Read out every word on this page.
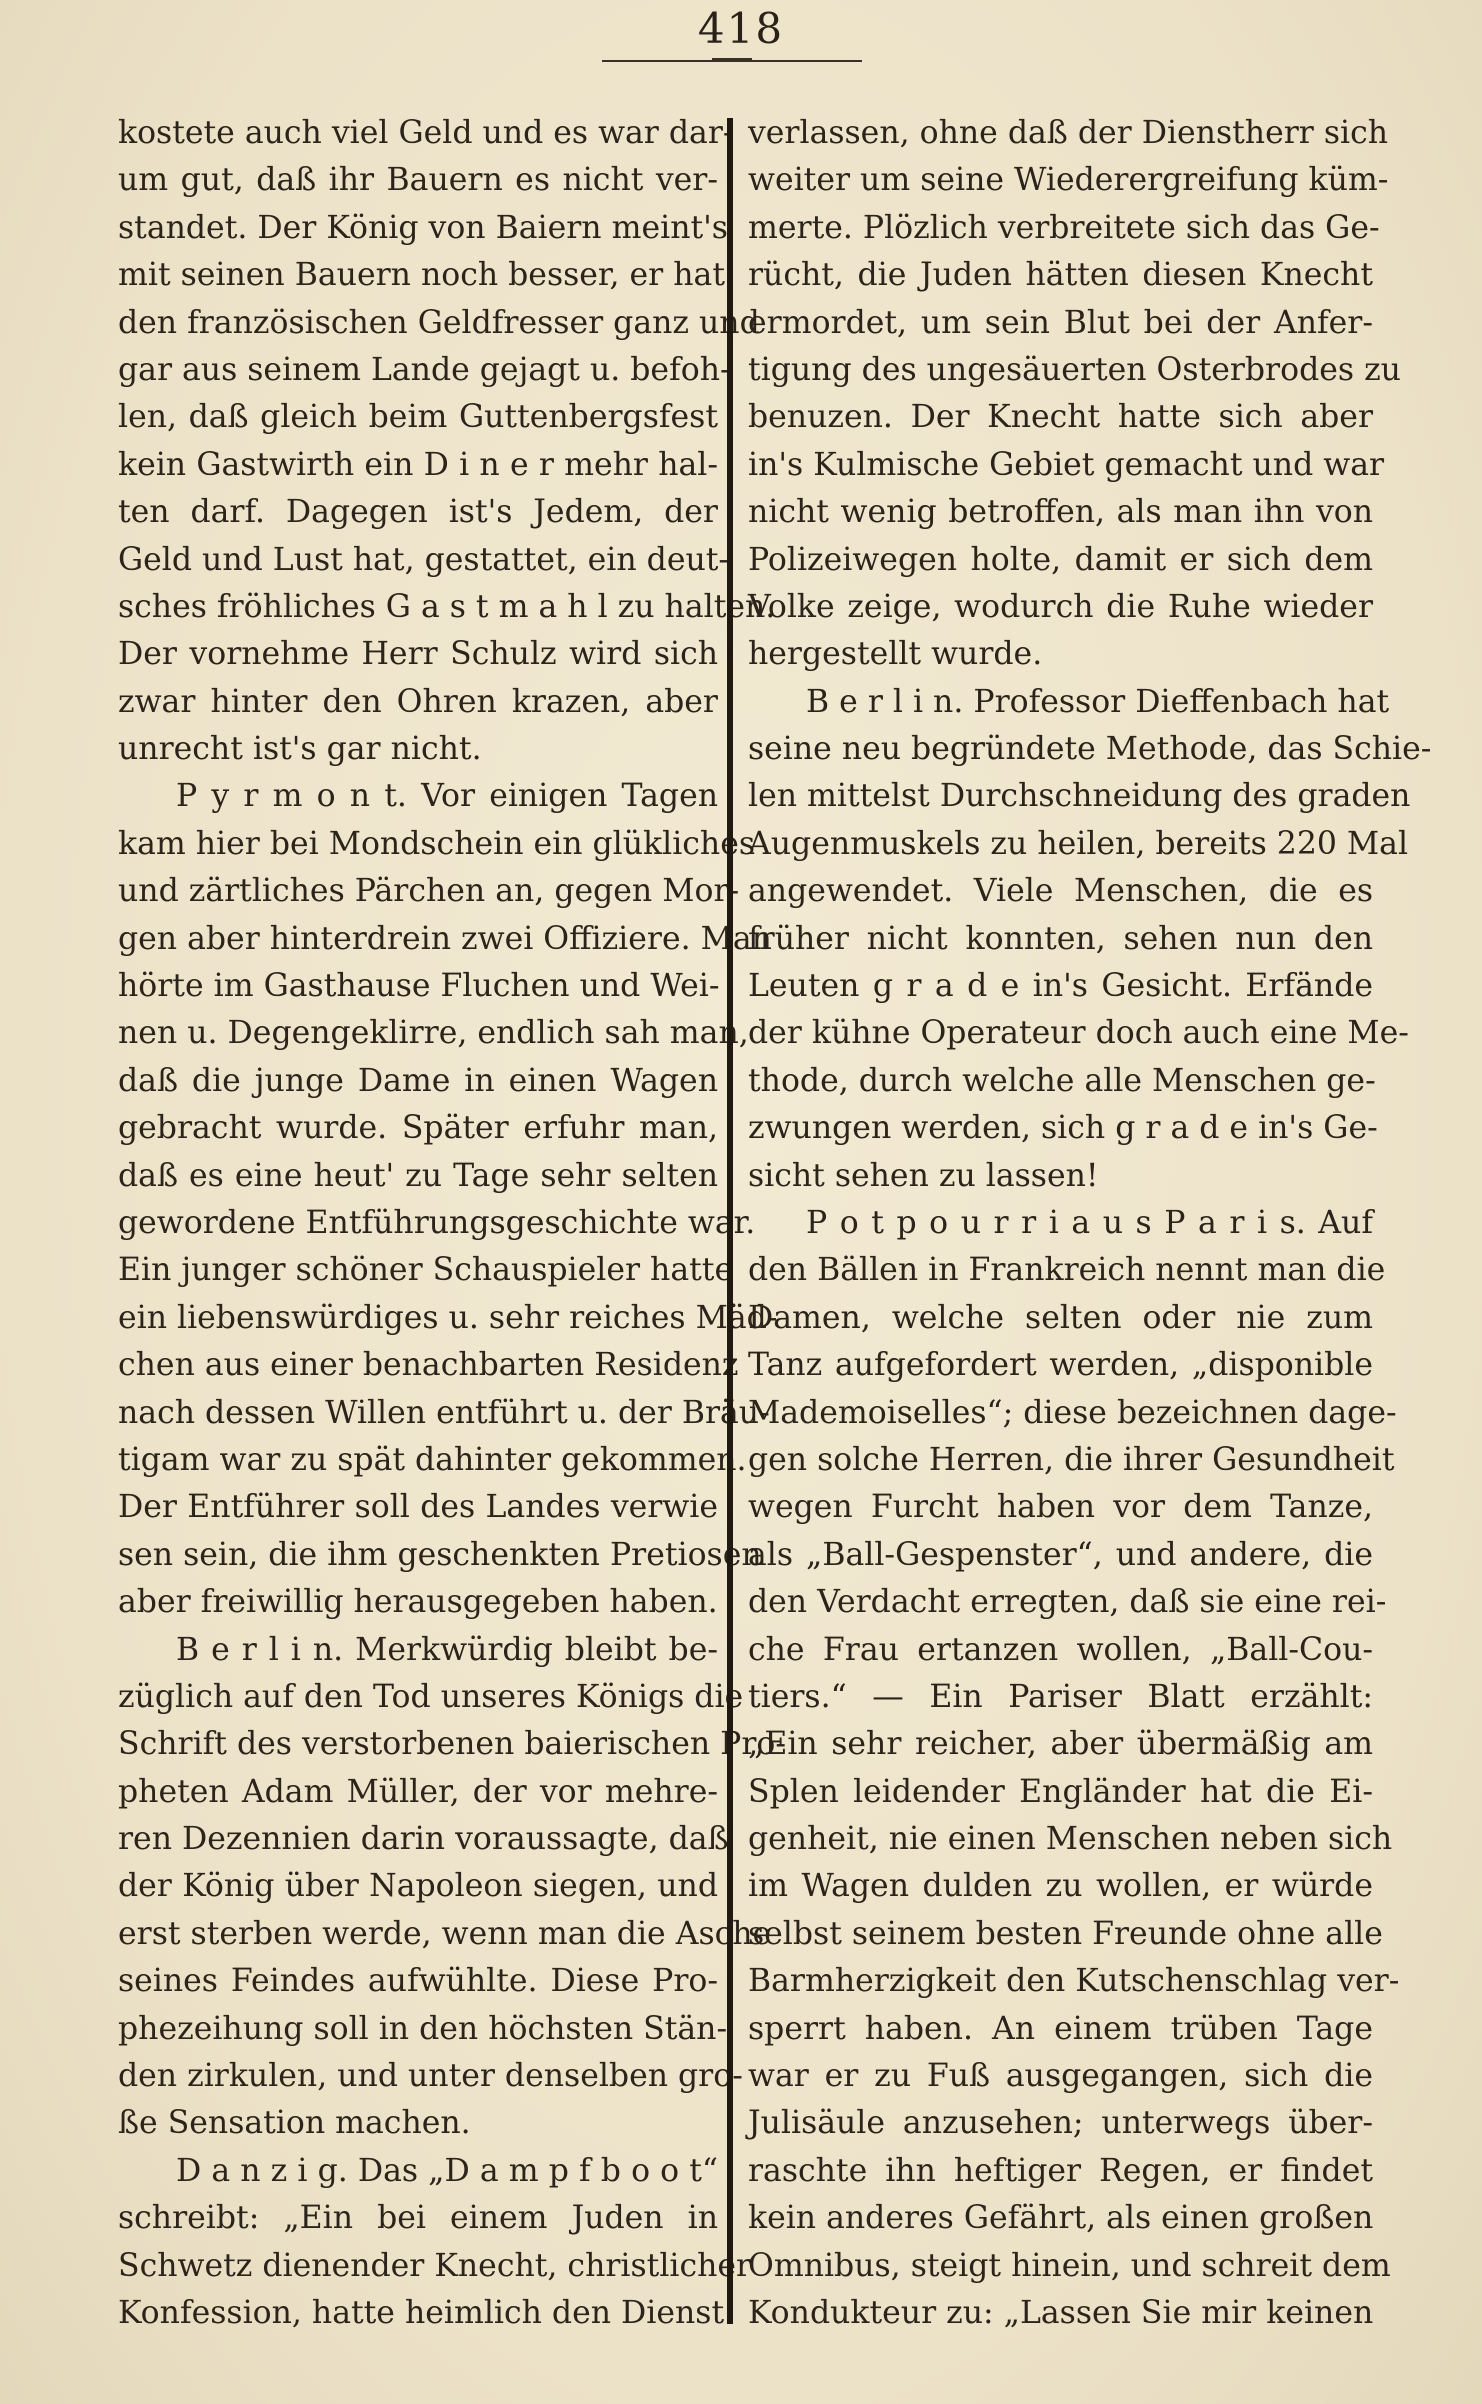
418
kostete auch viel Geld und es war dar-
um gut, daß ihr Bauern es nicht ver-
standet. Der König von Baiern meint's
mit seinen Bauern noch besser, er hat
den französischen Geldfresser ganz und
gar aus seinem Lande gejagt u. befoh-
len, daß gleich beim Guttenbergsfest
kein Gastwirth ein D i n e r mehr hal-
ten darf. Dagegen ist's Jedem, der
Geld und Lust hat, gestattet, ein deut-
sches fröhliches G a s t m a h l zu halten.
Der vornehme Herr Schulz wird sich
zwar hinter den Ohren krazen, aber
unrecht ist's gar nicht.
P y r m o n t. Vor einigen Tagen
kam hier bei Mondschein ein glükliches
und zärtliches Pärchen an, gegen Mor-
gen aber hinterdrein zwei Offiziere. Man
hörte im Gasthause Fluchen und Wei-
nen u. Degengeklirre, endlich sah man,
daß die junge Dame in einen Wagen
gebracht wurde. Später erfuhr man,
daß es eine heut' zu Tage sehr selten
gewordene Entführungsgeschichte war.
Ein junger schöner Schauspieler hatte
ein liebenswürdiges u. sehr reiches Mäd-
chen aus einer benachbarten Residenz
nach dessen Willen entführt u. der Bräu-
tigam war zu spät dahinter gekommen.
Der Entführer soll des Landes verwie
sen sein, die ihm geschenkten Pretiosen
aber freiwillig herausgegeben haben.
B e r l i n. Merkwürdig bleibt be-
züglich auf den Tod unseres Königs die
Schrift des verstorbenen baierischen Pro-
pheten Adam Müller, der vor mehre-
ren Dezennien darin voraussagte, daß
der König über Napoleon siegen, und
erst sterben werde, wenn man die Asche
seines Feindes aufwühlte. Diese Pro-
phezeihung soll in den höchsten Stän-
den zirkulen, und unter denselben gro-
ße Sensation machen.
D a n z i g. Das „D a m p f b o o t“
schreibt: „Ein bei einem Juden in
Schwetz dienender Knecht, christlicher
Konfession, hatte heimlich den Dienst
verlassen, ohne daß der Dienstherr sich
weiter um seine Wiederergreifung küm-
merte. Plözlich verbreitete sich das Ge-
rücht, die Juden hätten diesen Knecht
ermordet, um sein Blut bei der Anfer-
tigung des ungesäuerten Osterbrodes zu
benuzen. Der Knecht hatte sich aber
in's Kulmische Gebiet gemacht und war
nicht wenig betroffen, als man ihn von
Polizeiwegen holte, damit er sich dem
Volke zeige, wodurch die Ruhe wieder
hergestellt wurde.
B e r l i n. Professor Dieffenbach hat
seine neu begründete Methode, das Schie-
len mittelst Durchschneidung des graden
Augenmuskels zu heilen, bereits 220 Mal
angewendet. Viele Menschen, die es
früher nicht konnten, sehen nun den
Leuten g r a d e in's Gesicht. Erfände
der kühne Operateur doch auch eine Me-
thode, durch welche alle Menschen ge-
zwungen werden, sich g r a d e in's Ge-
sicht sehen zu lassen!
P o t p o u r r i a u s P a r i s. Auf
den Bällen in Frankreich nennt man die
Damen, welche selten oder nie zum
Tanz aufgefordert werden, „disponible
Mademoiselles“; diese bezeichnen dage-
gen solche Herren, die ihrer Gesundheit
wegen Furcht haben vor dem Tanze,
als „Ball-Gespenster“, und andere, die
den Verdacht erregten, daß sie eine rei-
che Frau ertanzen wollen, „Ball-Cou-
tiers.“ — Ein Pariser Blatt erzählt:
„Ein sehr reicher, aber übermäßig am
Splen leidender Engländer hat die Ei-
genheit, nie einen Menschen neben sich
im Wagen dulden zu wollen, er würde
selbst seinem besten Freunde ohne alle
Barmherzigkeit den Kutschenschlag ver-
sperrt haben. An einem trüben Tage
war er zu Fuß ausgegangen, sich die
Julisäule anzusehen; unterwegs über-
raschte ihn heftiger Regen, er findet
kein anderes Gefährt, als einen großen
Omnibus, steigt hinein, und schreit dem
Kondukteur zu: „Lassen Sie mir keinen
